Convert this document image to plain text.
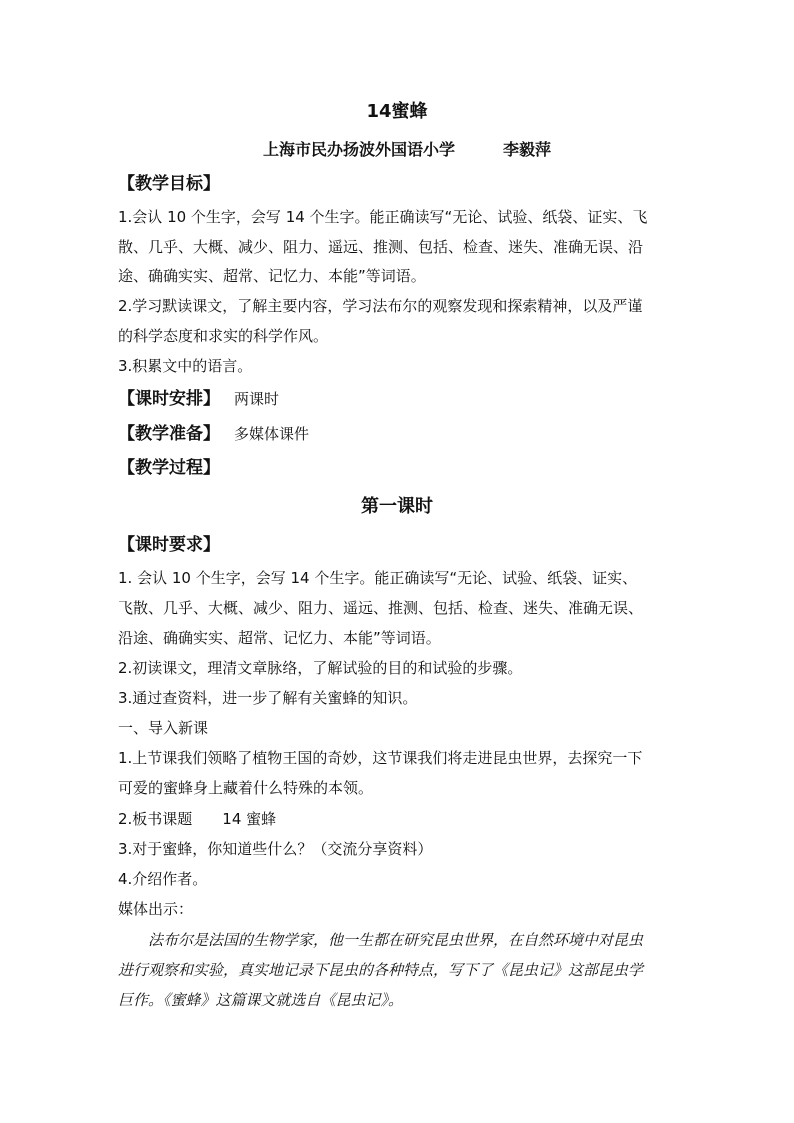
14蜜蜂
上海市民办扬波外国语小学　　　李毅萍
【教学目标】
1.会认 10 个生字，会写 14 个生字。能正确读写“无论、试验、纸袋、证实、飞
散、几乎、大概、减少、阻力、遥远、推测、包括、检查、迷失、准确无误、沿
途、确确实实、超常、记忆力、本能”等词语。
2.学习默读课文，了解主要内容，学习法布尔的观察发现和探索精神，以及严谨
的科学态度和求实的科学作风。
3.积累文中的语言。
【课时安排】 两课时
【教学准备】 多媒体课件
【教学过程】
第一课时
【课时要求】
1. 会认 10 个生字，会写 14 个生字。能正确读写“无论、试验、纸袋、证实、
飞散、几乎、大概、减少、阻力、遥远、推测、包括、检查、迷失、准确无误、
沿途、确确实实、超常、记忆力、本能”等词语。
2.初读课文，理清文章脉络，了解试验的目的和试验的步骤。
3.通过查资料，进一步了解有关蜜蜂的知识。
一、导入新课
1.上节课我们领略了植物王国的奇妙，这节课我们将走进昆虫世界，去探究一下
可爱的蜜蜂身上藏着什么特殊的本领。
2.板书课题　　14 蜜蜂
3.对于蜜蜂，你知道些什么？（交流分享资料）
4.介绍作者。
媒体出示：
　　法布尔是法国的生物学家，他一生都在研究昆虫世界，在自然环境中对昆虫
进行观察和实验，真实地记录下昆虫的各种特点，写下了《昆虫记》这部昆虫学
巨作。《蜜蜂》这篇课文就选自《昆虫记》。
